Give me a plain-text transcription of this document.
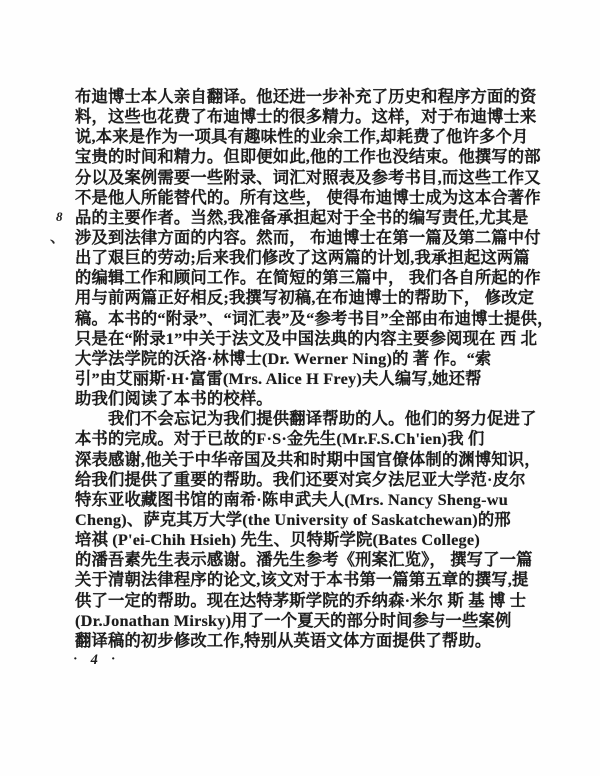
8
、
布迪博士本人亲自翻译。他还进一步补充了历史和程序方面的资
料，这些也花费了布迪博士的很多精力。这样，对于布迪博士来
说,本来是作为一项具有趣味性的业余工作,却耗费了他许多个月
宝贵的时间和精力。但即便如此,他的工作也没结束。他撰写的部
分以及案例需要一些附录、词汇对照表及参考书目,而这些工作又
不是他人所能替代的。所有这些， 使得布迪博士成为这本合著作
品的主要作者。当然,我准备承担起对于全书的编写责任,尤其是
涉及到法律方面的内容。然而， 布迪博士在第一篇及第二篇中付
出了艰巨的劳动;后来我们修改了这两篇的计划,我承担起这两篇
的编辑工作和顾问工作。在简短的第三篇中， 我们各自所起的作
用与前两篇正好相反;我撰写初稿,在布迪博士的帮助下， 修改定
稿。本书的“附录”、“词汇表”及“参考书目”全部由布迪博士提供，
只是在“附录1”中关于法文及中国法典的内容主要参阅现在 西 北
大学法学院的沃洛·林博士(Dr. Werner Ning)的 著 作。“索
引”由艾丽斯·H·富雷(Mrs. Alice H Frey)夫人编写,她还帮
助我们阅读了本书的校样。
　　我们不会忘记为我们提供翻译帮助的人。他们的努力促进了
本书的完成。对于已故的F·S·金先生(Mr.F.S.Ch'ien)我 们
深表感谢,他关于中华帝国及共和时期中国官僚体制的渊博知识，
给我们提供了重要的帮助。我们还要对宾夕法尼亚大学范·皮尔
特东亚收藏图书馆的南希·陈申武夫人(Mrs. Nancy Sheng-wu
Cheng)、萨克其万大学(the University of Saskatchewan)的邢
培祺 (P'ei-Chih Hsieh) 先生、贝特斯学院(Bates College)
的潘吾素先生表示感谢。潘先生参考《刑案汇览》， 撰写了一篇
关于清朝法律程序的论文,该文对于本书第一篇第五章的撰写,提
供了一定的帮助。现在达特茅斯学院的乔纳森·米尔 斯 基 博 士
(Dr.Jonathan Mirsky)用了一个夏天的部分时间参与一些案例
翻译稿的初步修改工作,特别从英语文体方面提供了帮助。
· 4 ·
